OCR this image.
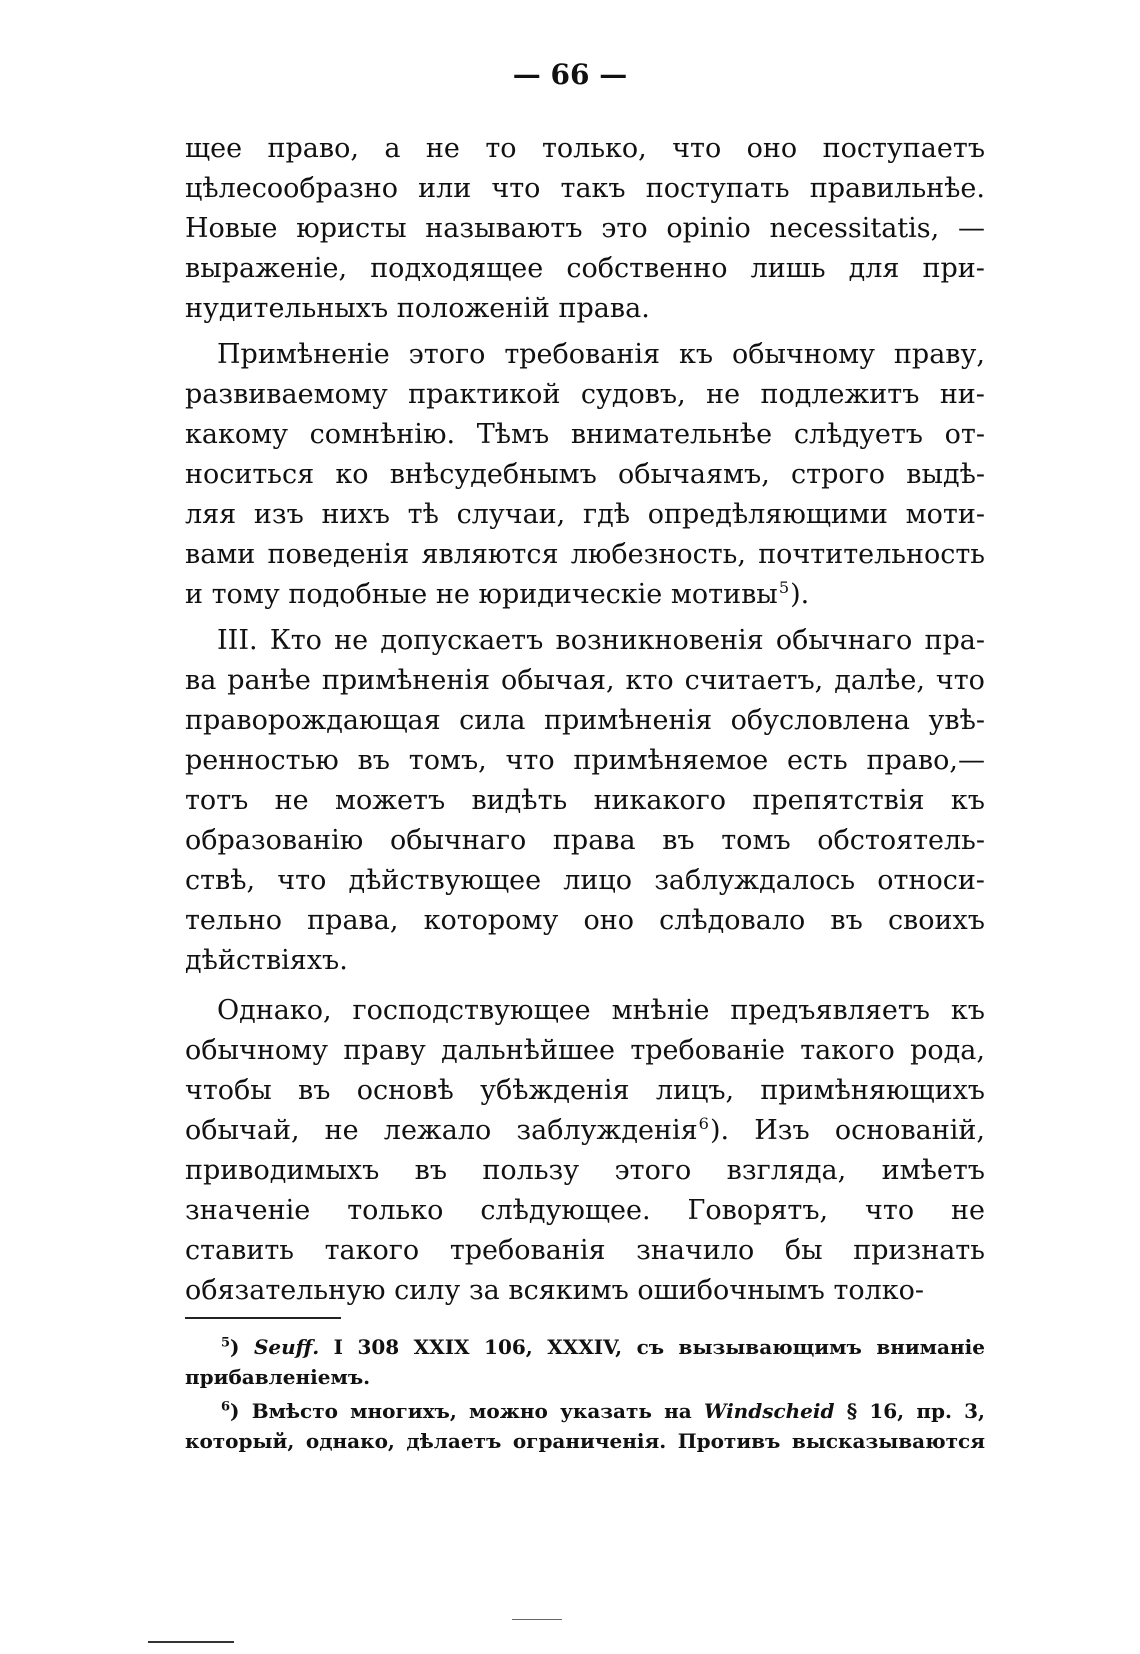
— 66 —
щее право, а не то только, что оно поступаетъ
цѣлесообразно или что такъ поступать правильнѣе.
Новые юристы называютъ это opinio necessitatis, —
выраженіе, подходящее собственно лишь для при-
нудительныхъ положеній права.
Примѣненіе этого требованія къ обычному праву,
развиваемому практикой судовъ, не подлежитъ ни-
какому сомнѣнію. Тѣмъ внимательнѣе слѣдуетъ от-
носиться ко внѣсудебнымъ обычаямъ, строго выдѣ-
ляя изъ нихъ тѣ случаи, гдѣ опредѣляющими моти-
вами поведенія являются любезность, почтительность
и тому подобные не юридическіе мотивы$^5$).
III. Кто не допускаетъ возникновенія обычнаго пра-
ва ранѣе примѣненія обычая, кто считаетъ, далѣе, что
праворождающая сила примѣненія обусловлена увѣ-
ренностью въ томъ, что примѣняемое есть право,—
тотъ не можетъ видѣть никакого препятствія къ
образованію обычнаго права въ томъ обстоятель-
ствѣ, что дѣйствующее лицо заблуждалось относи-
тельно права, которому оно слѣдовало въ своихъ
дѣйствіяхъ.
Однако, господствующее мнѣніе предъявляетъ къ
обычному праву дальнѣйшее требованіе такого рода,
чтобы въ основѣ убѣжденія лицъ, примѣняющихъ
обычай, не лежало заблужденія$^6$). Изъ основаній,
приводимыхъ въ пользу этого взгляда, имѣетъ
значеніе только слѣдующее. Говорятъ, что не
ставить такого требованія значило бы признать
обязательную силу за всякимъ ошибочнымъ толко-
$^5$) Seuff. I 308 XXIX 106, XXXIV, съ вызывающимъ вниманіе
прибавленіемъ.
$^6$) Вмѣсто многихъ, можно указать на Windscheid § 16, пр. 3,
который, однако, дѣлаетъ ограниченія. Противъ высказываются
